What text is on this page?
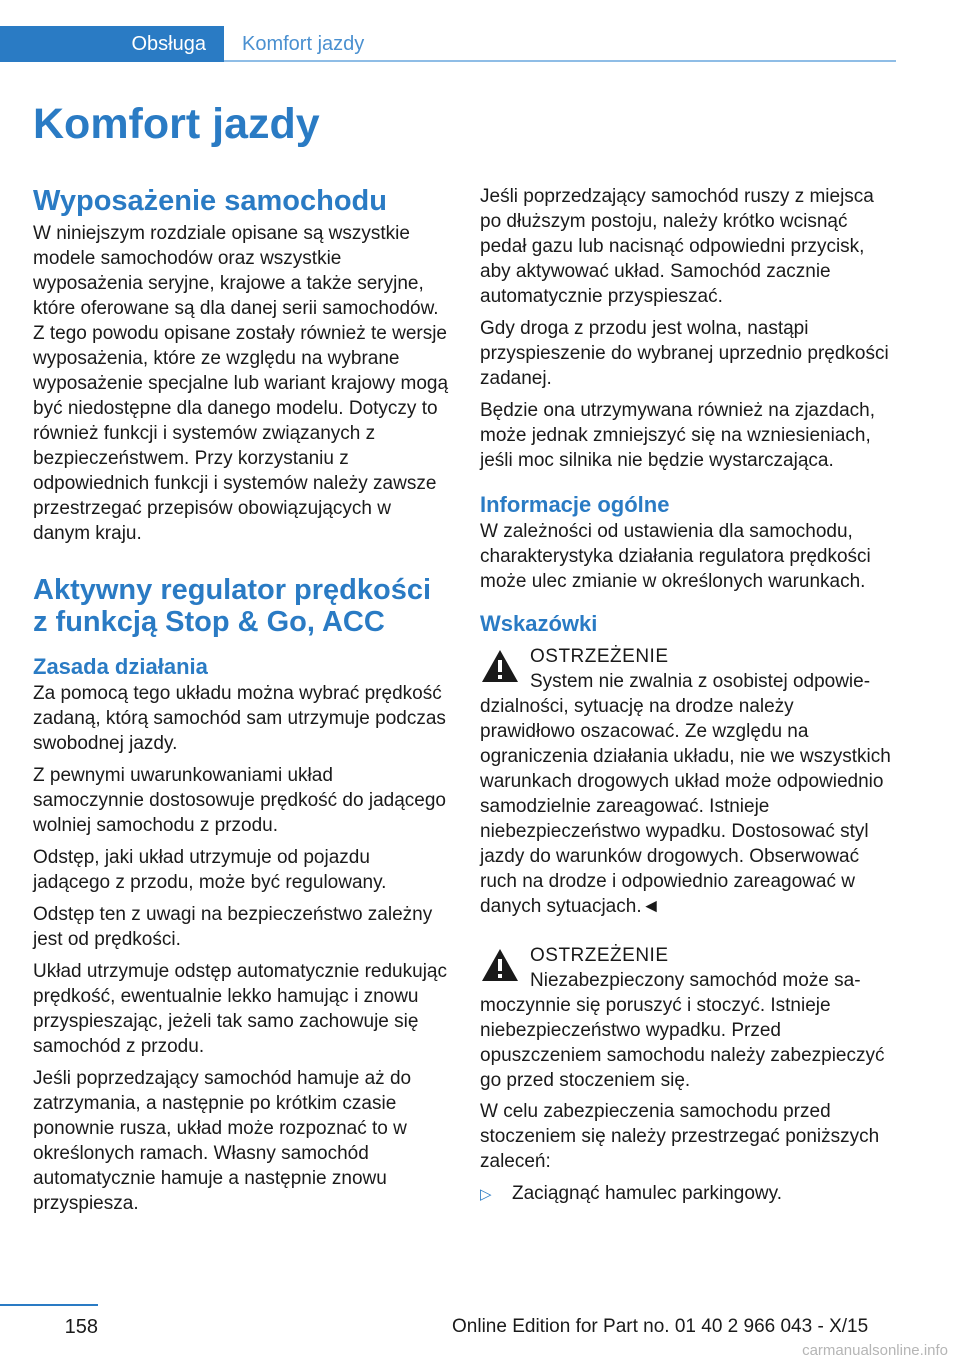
Obsługa	Komfort jazdy
Komfort jazdy
Wyposażenie samochodu

W niniejszym rozdziale opisane są wszystkie modele samochodów oraz wszystkie wyposażenia seryjne, krajowe a także seryjne, które oferowane są dla danej serii samochodów. Z tego powodu opisane zostały również te wersje wyposażenia, które ze względu na wybrane wyposażenie specjalne lub wariant krajowy mogą być niedostępne dla danego modelu. Dotyczy to również funkcji i systemów związanych z bezpieczeństwem. Przy korzystaniu z odpowiednich funkcji i systemów należy zawsze przestrzegać przepisów obowiązujących w danym kraju.

Aktywny regulator prędkości z funkcją Stop & Go, ACC
Zasada działania

Za pomocą tego układu można wybrać prędkość zadaną, którą samochód sam utrzymuje podczas swobodnej jazdy.

Z pewnymi uwarunkowaniami układ samoczynnie dostosowuje prędkość do jadącego wolniej samochodu z przodu.

Odstęp, jaki układ utrzymuje od pojazdu jadącego z przodu, może być regulowany.

Odstęp ten z uwagi na bezpieczeństwo zależny jest od prędkości.

Układ utrzymuje odstęp automatycznie redukując prędkość, ewentualnie lekko hamując i znowu przyspieszając, jeżeli tak samo zachowuje się samochód z przodu.

Jeśli poprzedzający samochód hamuje aż do zatrzymania, a następnie po krótkim czasie ponownie rusza, układ może rozpoznać to w określonych ramach. Własny samochód automatycznie hamuje a następnie znowu przyspiesza.

Jeśli poprzedzający samochód ruszy z miejsca po dłuższym postoju, należy krótko wcisnąć pedał gazu lub nacisnąć odpowiedni przycisk, aby aktywować układ. Samochód zacznie automatycznie przyspieszać.

Gdy droga z przodu jest wolna, nastąpi przyspieszenie do wybranej uprzednio prędkości zadanej.

Będzie ona utrzymywana również na zjazdach, może jednak zmniejszyć się na wzniesieniach, jeśli moc silnika nie będzie wystarczająca.

Informacje ogólne

W zależności od ustawienia dla samochodu, charakterystyka działania regulatora prędkości może ulec zmianie w określonych warunkach.

Wskazówki
OSTRZEŻENIE

System nie zwalnia z osobistej odpowie-

dzialności, sytuację na drodze należy prawidłowo oszacować. Ze względu na ograniczenia działania układu, nie we wszystkich warunkach drogowych układ może odpowiednio samodzielnie zareagować. Istnieje niebezpieczeństwo wypadku. Dostosować styl jazdy do warunków drogowych. Obserwować ruch na drodze i odpowiednio zareagować w danych sytuacjach.◄

OSTRZEŻENIE

Niezabezpieczony samochód może sa-

moczynnie się poruszyć i stoczyć. Istnieje niebezpieczeństwo wypadku. Przed opuszczeniem samochodu należy zabezpieczyć go przed stoczeniem się.

W celu zabezpieczenia samochodu przed stoczeniem się należy przestrzegać poniższych zaleceń:

▷	Zaciągnąć hamulec parkingowy.
158	Online Edition for Part no. 01 40 2 966 043 - X/15
carmanualsonline.info
